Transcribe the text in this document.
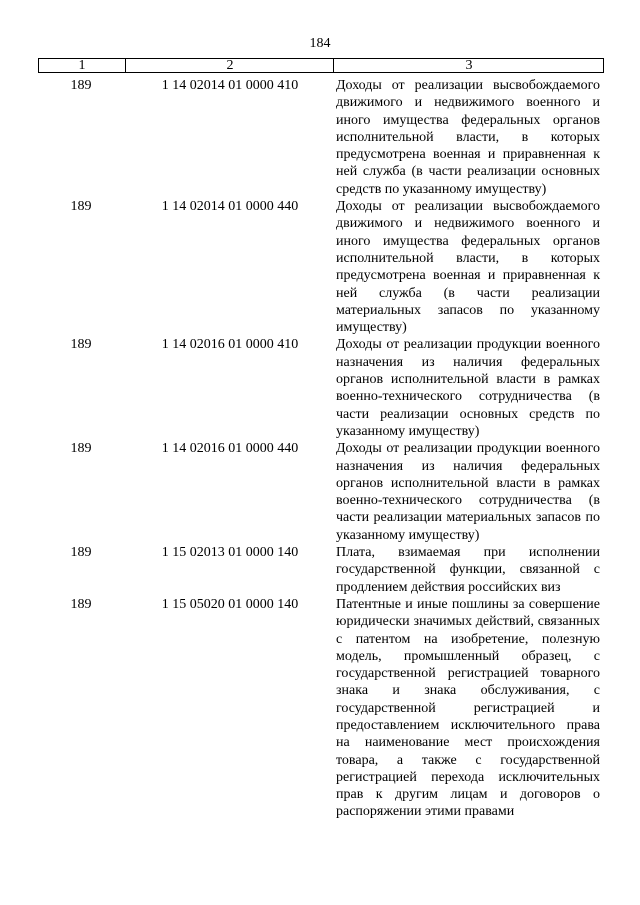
184
1	2	3
189	1 14 02014 01 0000 410	Доходы от реализации высвобождаемого движимого и недвижимого военного и иного имущества федеральных органов исполнительной власти, в которых предусмотрена военная и приравненная к ней служба (в части реализации основных средств по указанному имуществу)
189	1 14 02014 01 0000 440	Доходы от реализации высвобождаемого движимого и недвижимого военного и иного имущества федеральных органов исполнительной власти, в которых предусмотрена военная и приравненная к ней служба (в части реализации материальных запасов по указанному имуществу)
189	1 14 02016 01 0000 410	Доходы от реализации продукции военного назначения из наличия федеральных органов исполнительной власти в рамках военно-технического сотрудничества (в части реализации основных средств по указанному имуществу)
189	1 14 02016 01 0000 440	Доходы от реализации продукции военного назначения из наличия федеральных органов исполнительной власти в рамках военно-технического сотрудничества (в части реализации материальных запасов по указанному имуществу)
189	1 15 02013 01 0000 140	Плата, взимаемая при исполнении государственной функции, связанной с продлением действия российских виз
189	1 15 05020 01 0000 140	Патентные и иные пошлины за совершение юридически значимых действий, связанных с патентом на изобретение, полезную модель, промышленный образец, с государственной регистрацией товарного знака и знака обслуживания, с государственной регистрацией и предоставлением исключительного права на наименование мест происхождения товара, а также с государственной регистрацией перехода исключительных прав к другим лицам и договоров о распоряжении этими правами
